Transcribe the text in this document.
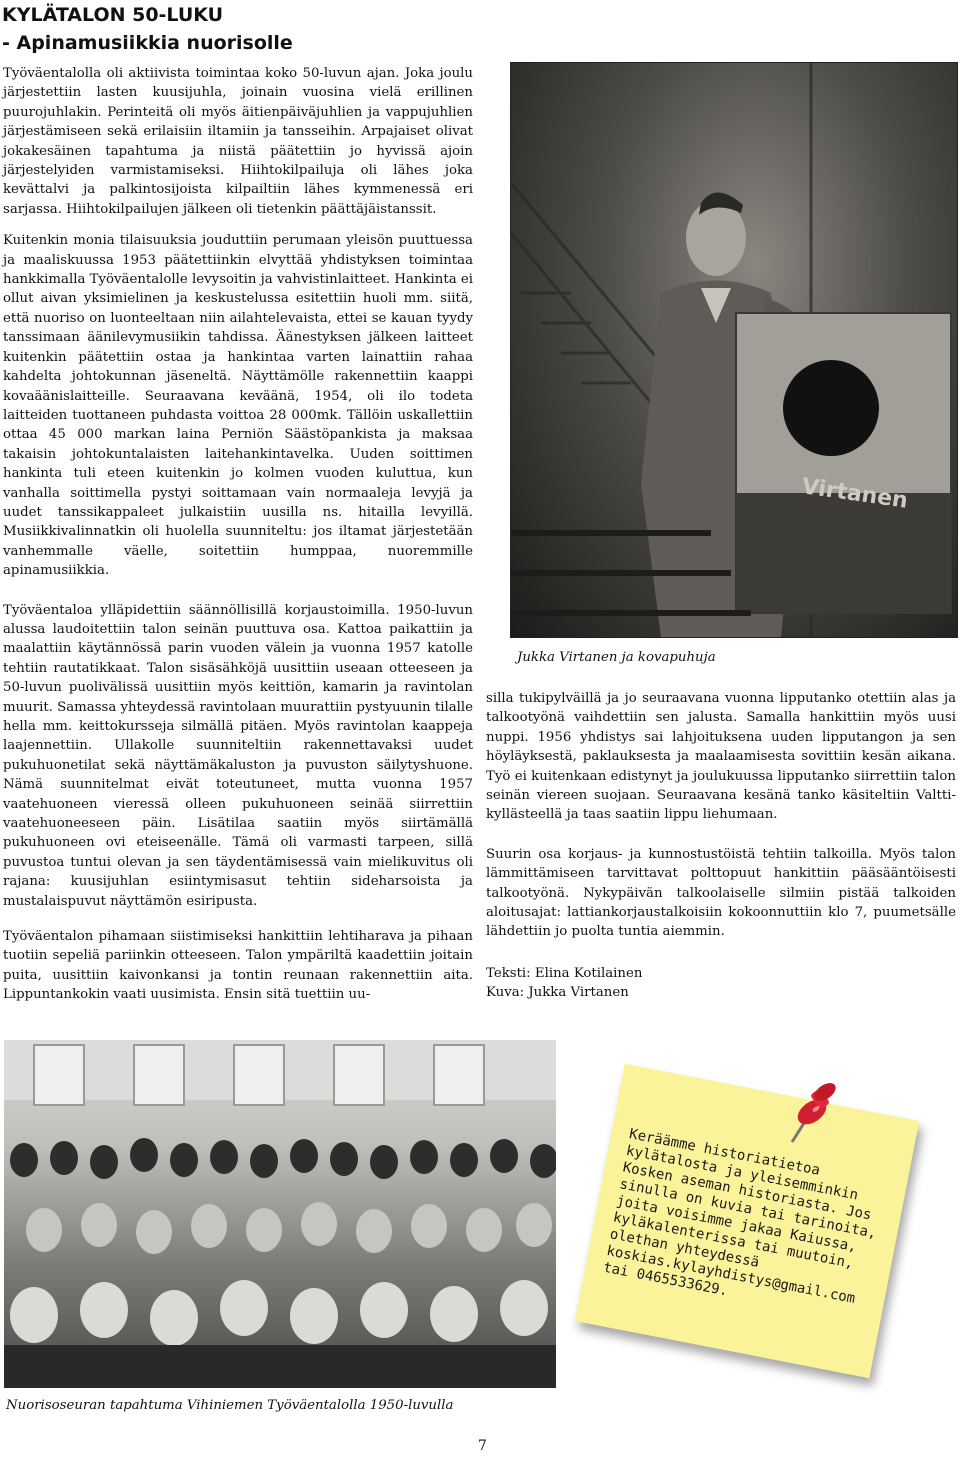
KYLÄTALON 50-LUKU
- Apinamusiikkia nuorisolle

Työväentalolla oli aktiivista toimintaa koko 50-luvun ajan. Joka joulu järjestettiin lasten kuusijuhla, joinain vuosina vielä erillinen puurojuhlakin. Perinteitä oli myös äitienpäiväjuhlien ja vappujuhlien järjestämiseen sekä erilaisiin iltamiin ja tansseihin. Arpajaiset olivat jokakesäinen tapahtuma ja niistä päätettiin jo hyvissä ajoin järjestelyiden varmistamiseksi. Hiihtokilpailuja oli lähes joka kevättalvi ja palkintosijoista kilpailtiin lähes kymmenessä eri sarjassa. Hiihtokilpailujen jälkeen oli tietenkin päättäjäistanssit.

Kuitenkin monia tilaisuuksia jouduttiin perumaan yleisön puuttuessa ja maaliskuussa 1953 päätettiinkin elvyttää yhdistyksen toimintaa hankkimalla Työväentalolle levysoitin ja vahvistinlaitteet. Hankinta ei ollut aivan yksimielinen ja keskustelussa esitettiin huoli mm. siitä, että nuoriso on luonteeltaan niin ailahtelevaista, ettei se kauan tyydy tanssimaan äänilevymusiikin tahdissa. Äänestyksen jälkeen laitteet kuitenkin päätettiin ostaa ja hankintaa varten lainattiin rahaa kahdelta johtokunnan jäseneltä. Näyttämölle rakennettiin kaappi kovaäänislaitteille. Seuraavana keväänä, 1954, oli ilo todeta laitteiden tuottaneen puhdasta voittoa 28 000mk. Tällöin uskallettiin ottaa 45 000 markan laina Perniön Säästöpankista ja maksaa takaisin johtokuntalaisten laitehankintavelka. Uuden soittimen hankinta tuli eteen kuitenkin jo kolmen vuoden kuluttua, kun vanhalla soittimella pystyi soittamaan vain normaaleja levyjä ja uudet tanssikappaleet julkaistiin uusilla ns. hitailla levyillä. Musiikkivalinnatkin oli huolella suunniteltu: jos iltamat järjestetään vanhemmalle väelle, soitettiin humppaa, nuoremmille apinamusiikkia.

Työväentaloa ylläpidettiin säännöllisillä korjaustoimilla. 1950-luvun alussa laudoitettiin talon seinän puuttuva osa. Kattoa paikattiin ja maalattiin käytännössä parin vuoden välein ja vuonna 1957 katolle tehtiin rautatikkaat. Talon sisäsähköjä uusittiin useaan otteeseen ja 50-luvun puolivälissä uusittiin myös keittiön, kamarin ja ravintolan muurit. Samassa yhteydessä ravintolaan muurattiin pystyuunin tilalle hella mm. keittokursseja silmällä pitäen. Myös ravintolan kaappeja laajennettiin. Ullakolle suunniteltiin rakennettavaksi uudet pukuhuonetilat sekä näyttämäkaluston ja puvuston säilytyshuone. Nämä suunnitelmat eivät toteutuneet, mutta vuonna 1957 vaatehuoneen vieressä olleen pukuhuoneen seinää siirrettiin vaatehuoneeseen päin. Lisätilaa saatiin myös siirtämällä pukuhuoneen ovi eteiseenälle. Tämä oli varmasti tarpeen, sillä puvustoa tuntui olevan ja sen täydentämisessä vain mielikuvitus oli rajana: kuusijuhlan esiintymisasut tehtiin sideharsoista ja mustalaispuvut näyttämön esiripusta.

Työväentalon pihamaan siistimiseksi hankittiin lehtiharava ja pihaan tuotiin sepeliä pariinkin otteeseen. Talon ympäriltä kaadettiin joitain puita, uusittiin kaivonkansi ja tontin reunaan rakennettiin aita. Lippuntankokin vaati uusimista. Ensin sitä tuettiin uu-

Virtanen
Jukka Virtanen ja kovapuhuja

silla tukipylväillä ja jo seuraavana vuonna lipputanko otettiin alas ja talkootyönä vaihdettiin sen jalusta. Samalla hankittiin myös uusi nuppi. 1956 yhdistys sai lahjoituksena uuden lipputangon ja sen höyläyksestä, paklauksesta ja maalaamisesta sovittiin kesän aikana. Työ ei kuitenkaan edistynyt ja joulukuussa lipputanko siirrettiin talon seinän viereen suojaan. Seuraavana kesänä tanko käsiteltiin Valtti-kyllästeellä ja taas saatiin lippu liehumaan.

Suurin osa korjaus- ja kunnostustöistä tehtiin talkoilla. Myös talon lämmittämiseen tarvittavat polttopuut hankittiin pääsääntöisesti talkootyönä. Nykypäivän talkoolaiselle silmiin pistää talkoiden aloitusajat: lattiankorjaustalkoisiin kokoonnuttiin klo 7, puumetsälle lähdettiin jo puolta tuntia aiemmin.

Teksti: Elina Kotilainen
Kuva: Jukka Virtanen
Nuorisoseuran tapahtuma Vihiniemen Työväentalolla 1950-luvulla
Keräämme historiatietoa kylätalosta ja yleisemminkin Kosken aseman historiasta. Jos sinulla on kuvia tai tarinoita, joita voisimme jakaa Kaiussa, kyläkalenterissa tai muutoin, olethan yhteydessä koskias.kylayhdistys@gmail.com tai 0465533629.
7
